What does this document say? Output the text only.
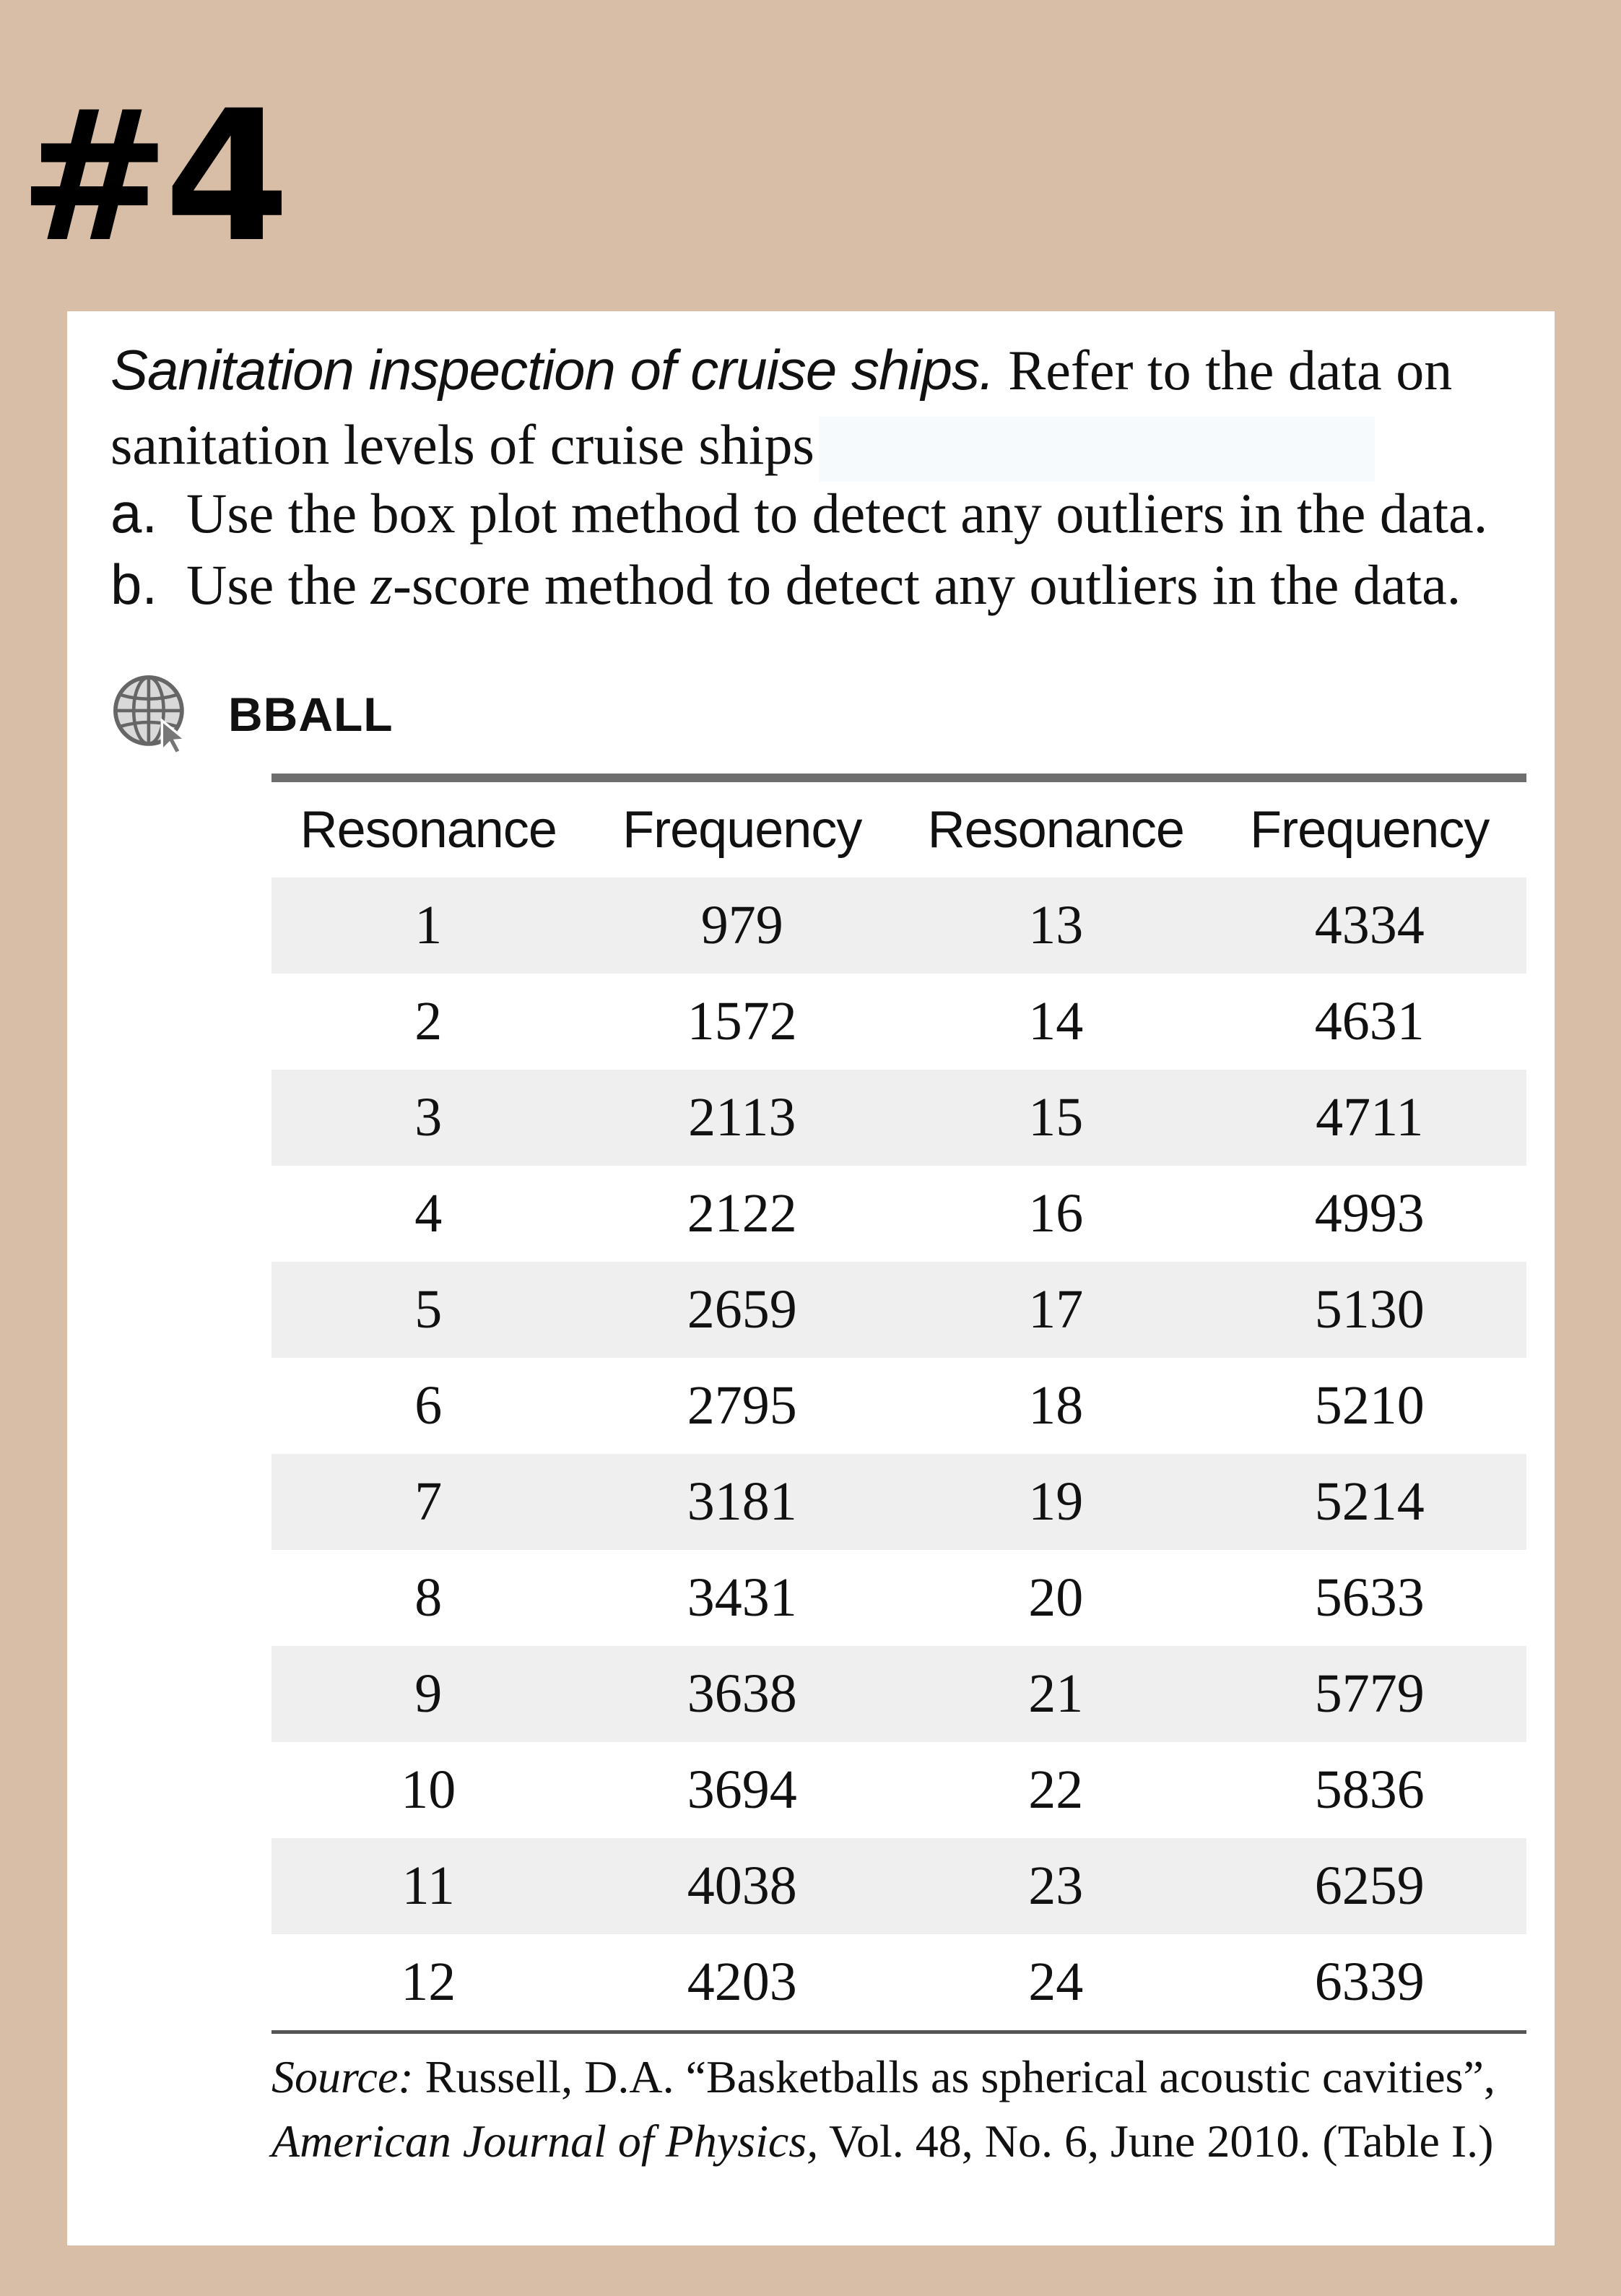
#4

Sanitation inspection of cruise ships. Refer to the data on sanitation levels of cruise ships

a. Use the box plot method to detect any outliers in the data.
b. Use the z-score method to detect any outliers in the data.
BBALL
Resonance	Frequency	Resonance	Frequency
1	979	13	4334
2	1572	14	4631
3	2113	15	4711
4	2122	16	4993
5	2659	17	5130
6	2795	18	5210
7	3181	19	5214
8	3431	20	5633
9	3638	21	5779
10	3694	22	5836
11	4038	23	6259
12	4203	24	6339

Source: Russell, D.A. “Basketballs as spherical acoustic cavities”, American Journal of Physics, Vol. 48, No. 6, June 2010. (Table I.)
